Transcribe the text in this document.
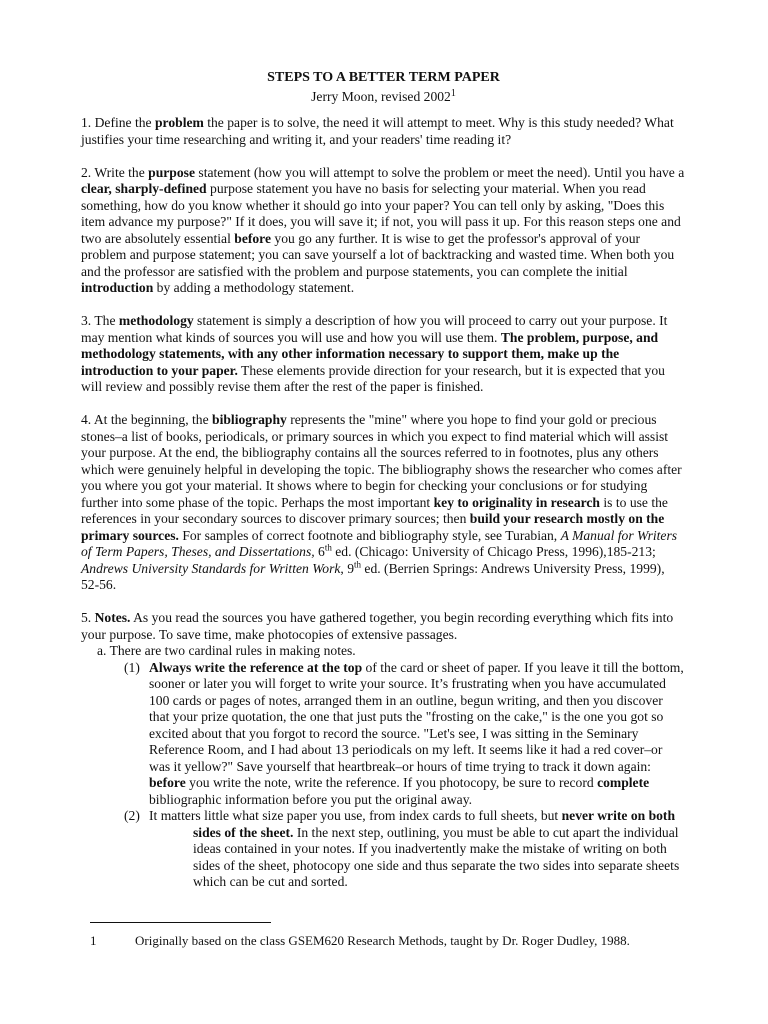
STEPS TO A BETTER TERM PAPER
Jerry Moon, revised 2002$^1$

1. Define the problem the paper is to solve, the need it will attempt to meet. Why is this study needed? What justifies your time researching and writing it, and your readers' time reading it?

2. Write the purpose statement (how you will attempt to solve the problem or meet the need). Until you have a clear, sharply-defined purpose statement you have no basis for selecting your material. When you read something, how do you know whether it should go into your paper? You can tell only by asking, "Does this item advance my purpose?" If it does, you will save it; if not, you will pass it up. For this reason steps one and two are absolutely essential before you go any further. It is wise to get the professor's approval of your problem and purpose statement; you can save yourself a lot of backtracking and wasted time. When both you and the professor are satisfied with the problem and purpose statements, you can complete the initial introduction by adding a methodology statement.

3. The methodology statement is simply a description of how you will proceed to carry out your purpose. It may mention what kinds of sources you will use and how you will use them. The problem, purpose, and methodology statements, with any other information necessary to support them, make up the introduction to your paper. These elements provide direction for your research, but it is expected that you will review and possibly revise them after the rest of the paper is finished.

4. At the beginning, the bibliography represents the "mine" where you hope to find your gold or precious stones–a list of books, periodicals, or primary sources in which you expect to find material which will assist your purpose. At the end, the bibliography contains all the sources referred to in footnotes, plus any others which were genuinely helpful in developing the topic. The bibliography shows the researcher who comes after you where you got your material. It shows where to begin for checking your conclusions or for studying further into some phase of the topic. Perhaps the most important key to originality in research is to use the references in your secondary sources to discover primary sources; then build your research mostly on the primary sources. For samples of correct footnote and bibliography style, see Turabian, A Manual for Writers of Term Papers, Theses, and Dissertations, 6th ed. (Chicago: University of Chicago Press, 1996),185-213; Andrews University Standards for Written Work, 9th ed. (Berrien Springs: Andrews University Press, 1999), 52-56.

5. Notes. As you read the sources you have gathered together, you begin recording everything which fits into your purpose. To save time, make photocopies of extensive passages.
a. There are two cardinal rules in making notes.
(1) Always write the reference at the top of the card or sheet of paper. If you leave it till the bottom, sooner or later you will forget to write your source. It’s frustrating when you have accumulated 100 cards or pages of notes, arranged them in an outline, begun writing, and then you discover that your prize quotation, the one that just puts the "frosting on the cake," is the one you got so excited about that you forgot to record the source. "Let's see, I was sitting in the Seminary Reference Room, and I had about 13 periodicals on my left. It seems like it had a red cover–or was it yellow?" Save yourself that heartbreak–or hours of time trying to track it down again: before you write the note, write the reference. If you photocopy, be sure to record complete bibliographic information before you put the original away.
(2) It matters little what size paper you use, from index cards to full sheets, but never write on both sides of the sheet. In the next step, outlining, you must be able to cut apart the individual ideas contained in your notes. If you inadvertently make the mistake of writing on both sides of the sheet, photocopy one side and thus separate the two sides into separate sheets which can be cut and sorted.
1	Originally based on the class GSEM620 Research Methods, taught by Dr. Roger Dudley, 1988.
